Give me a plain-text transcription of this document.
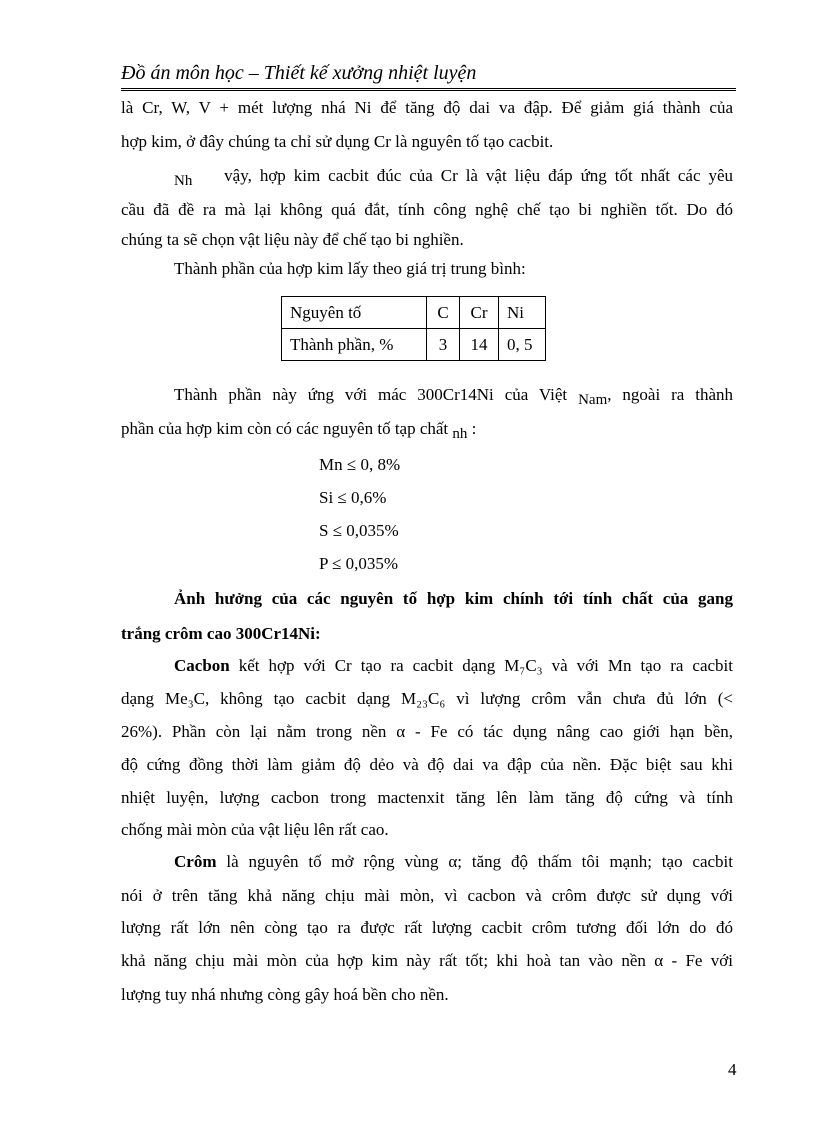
Đồ án môn học – Thiết kế xưởng nhiệt luyện
là Cr, W, V + mét lượng nhá Ni để tăng độ dai va đập. Để giảm giá thành của
hợp kim, ở đây chúng ta chỉ sử dụng Cr là nguyên tố tạo cacbit.
Nh vậy, hợp kim cacbit đúc của Cr là vật liệu đáp ứng tốt nhất các yêu
cầu đã đề ra mà lại không quá đắt, tính công nghệ chế tạo bi nghiền tốt. Do đó
chúng ta sẽ chọn vật liệu này để chế tạo bi nghiền.
Thành phần của hợp kim lấy theo giá trị trung bình:
Nguyên tố	C	Cr	Ni
Thành phần, %	3	14	0, 5
Thành phần này ứng với mác 300Cr14Ni của Việt Nam, ngoài ra thành
phần của hợp kim còn có các nguyên tố tạp chất nh :
Mn ≤ 0, 8%
Si ≤ 0,6%
S ≤ 0,035%
P ≤ 0,035%
Ảnh hưởng của các nguyên tố hợp kim chính tới tính chất của gang
trắng crôm cao 300Cr14Ni:
Cacbon kết hợp với Cr tạo ra cacbit dạng M₇C₃ và với Mn tạo ra cacbit
dạng Me₃C, không tạo cacbit dạng M₂₃C₆ vì lượng crôm vẫn chưa đủ lớn (<
26%). Phần còn lại nằm trong nền α - Fe có tác dụng nâng cao giới hạn bền,
độ cứng đồng thời làm giảm độ dẻo và độ dai va đập của nền. Đặc biệt sau khi
nhiệt luyện, lượng cacbon trong mactenxit tăng lên làm tăng độ cứng và tính
chống mài mòn của vật liệu lên rất cao.
Crôm là nguyên tố mở rộng vùng α; tăng độ thấm tôi mạnh; tạo cacbit
nói ở trên tăng khả năng chịu mài mòn, vì cacbon và crôm được sử dụng với
lượng rất lớn nên còng tạo ra được rất lượng cacbit crôm tương đối lớn do đó
khả năng chịu mài mòn của hợp kim này rất tốt; khi hoà tan vào nền α - Fe với
lượng tuy nhá nhưng còng gây hoá bền cho nền.
4
